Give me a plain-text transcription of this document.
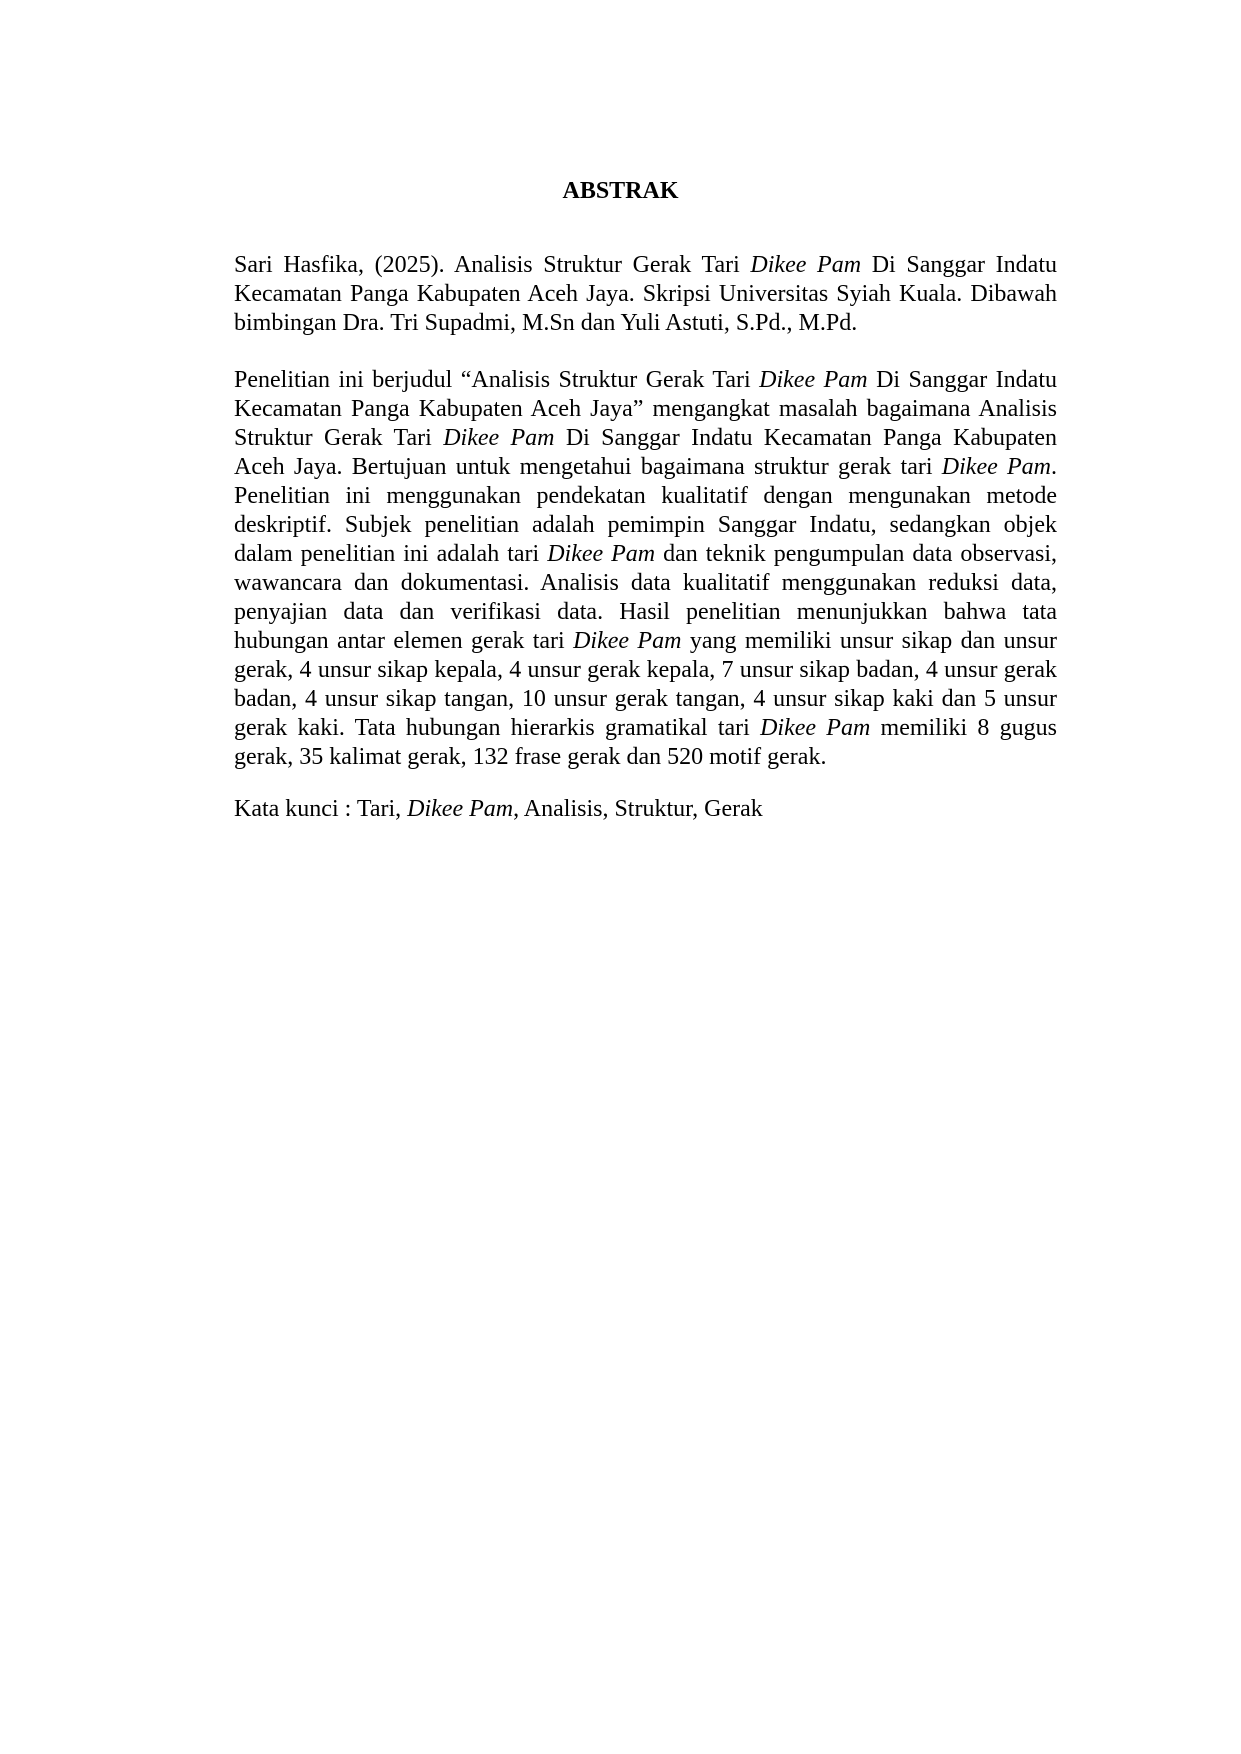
ABSTRAK

Sari Hasfika, (2025). Analisis Struktur Gerak Tari Dikee Pam Di Sanggar Indatu Kecamatan Panga Kabupaten Aceh Jaya. Skripsi Universitas Syiah Kuala. Dibawah bimbingan Dra. Tri Supadmi, M.Sn dan Yuli Astuti, S.Pd., M.Pd.

Penelitian ini berjudul “Analisis Struktur Gerak Tari Dikee Pam Di Sanggar Indatu Kecamatan Panga Kabupaten Aceh Jaya” mengangkat masalah bagaimana Analisis Struktur Gerak Tari Dikee Pam Di Sanggar Indatu Kecamatan Panga Kabupaten Aceh Jaya. Bertujuan untuk mengetahui bagaimana struktur gerak tari Dikee Pam. Penelitian ini menggunakan pendekatan kualitatif dengan mengunakan metode deskriptif. Subjek penelitian adalah pemimpin Sanggar Indatu, sedangkan objek dalam penelitian ini adalah tari Dikee Pam dan teknik pengumpulan data observasi, wawancara dan dokumentasi. Analisis data kualitatif menggunakan reduksi data, penyajian data dan verifikasi data. Hasil penelitian menunjukkan bahwa tata hubungan antar elemen gerak tari Dikee Pam yang memiliki unsur sikap dan unsur gerak, 4 unsur sikap kepala, 4 unsur gerak kepala, 7 unsur sikap badan, 4 unsur gerak badan, 4 unsur sikap tangan, 10 unsur gerak tangan, 4 unsur sikap kaki dan 5 unsur gerak kaki. Tata hubungan hierarkis gramatikal tari Dikee Pam memiliki 8 gugus gerak, 35 kalimat gerak, 132 frase gerak dan 520 motif gerak.

Kata kunci : Tari, Dikee Pam, Analisis, Struktur, Gerak
